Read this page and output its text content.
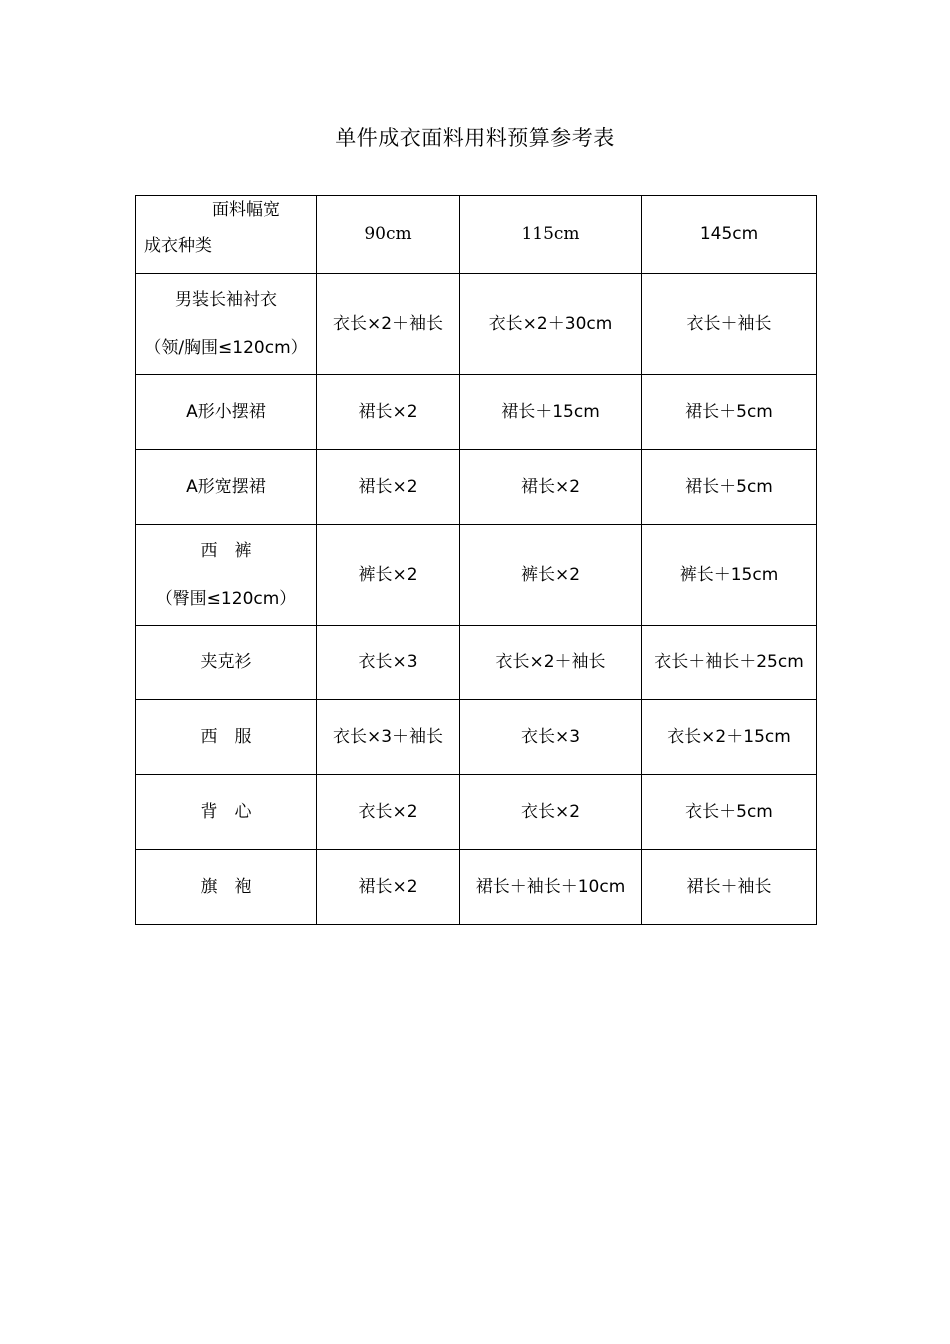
单件成衣面料用料预算参考表
面料幅宽
成衣种类	90cm	115cm	145cm
男装长袖衬衣
（领/胸围≤120cm）	衣长×2＋袖长	衣长×2＋30cm	衣长＋袖长
A形小摆裙	裙长×2	裙长＋15cm	裙长＋5cm
A形宽摆裙	裙长×2	裙长×2	裙长＋5cm
西　裤
（臀围≤120cm）	裤长×2	裤长×2	裤长＋15cm
夹克衫	衣长×3	衣长×2＋袖长	衣长＋袖长＋25cm
西　服	衣长×3＋袖长	衣长×3	衣长×2＋15cm
背　心	衣长×2	衣长×2	衣长＋5cm
旗　袍	裙长×2	裙长＋袖长＋10cm	裙长＋袖长
